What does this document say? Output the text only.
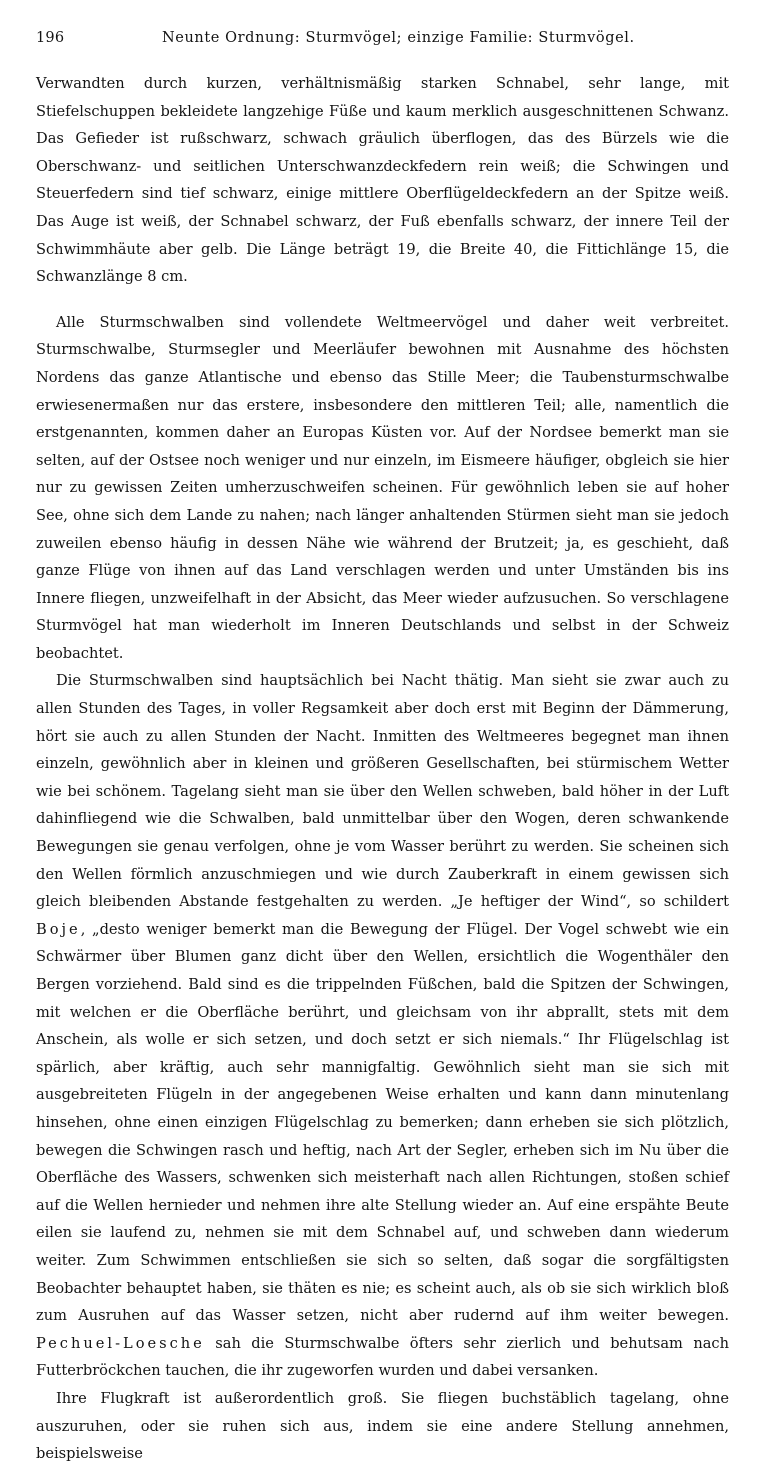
196	Neunte Ordnung: Sturmvögel; einzige Familie: Sturmvögel.

Verwandten durch kurzen, verhältnismäßig starken Schnabel, sehr lange, mit Stiefelschuppen bekleidete langzehige Füße und kaum merklich ausgeschnittenen Schwanz. Das Gefieder ist rußschwarz, schwach gräulich überflogen, das des Bürzels wie die Oberschwanz- und seitlichen Unterschwanzdeckfedern rein weiß; die Schwingen und Steuerfedern sind tief schwarz, einige mittlere Oberflügeldeckfedern an der Spitze weiß. Das Auge ist weiß, der Schnabel schwarz, der Fuß ebenfalls schwarz, der innere Teil der Schwimmhäute aber gelb. Die Länge beträgt 19, die Breite 40, die Fittichlänge 15, die Schwanzlänge 8 cm.

Alle Sturmschwalben sind vollendete Weltmeervögel und daher weit verbreitet. Sturmschwalbe, Sturmsegler und Meerläufer bewohnen mit Ausnahme des höchsten Nordens das ganze Atlantische und ebenso das Stille Meer; die Taubensturmschwalbe erwiesenermaßen nur das erstere, insbesondere den mittleren Teil; alle, namentlich die erstgenannten, kommen daher an Europas Küsten vor. Auf der Nordsee bemerkt man sie selten, auf der Ostsee noch weniger und nur einzeln, im Eismeere häufiger, obgleich sie hier nur zu gewissen Zeiten umherzuschweifen scheinen. Für gewöhnlich leben sie auf hoher See, ohne sich dem Lande zu nahen; nach länger anhaltenden Stürmen sieht man sie jedoch zuweilen ebenso häufig in dessen Nähe wie während der Brutzeit; ja, es geschieht, daß ganze Flüge von ihnen auf das Land verschlagen werden und unter Umständen bis ins Innere fliegen, unzweifelhaft in der Absicht, das Meer wieder aufzusuchen. So verschlagene Sturmvögel hat man wiederholt im Inneren Deutschlands und selbst in der Schweiz beobachtet.

Die Sturmschwalben sind hauptsächlich bei Nacht thätig. Man sieht sie zwar auch zu allen Stunden des Tages, in voller Regsamkeit aber doch erst mit Beginn der Dämmerung, hört sie auch zu allen Stunden der Nacht. Inmitten des Weltmeeres begegnet man ihnen einzeln, gewöhnlich aber in kleinen und größeren Gesellschaften, bei stürmischem Wetter wie bei schönem. Tagelang sieht man sie über den Wellen schweben, bald höher in der Luft dahinfliegend wie die Schwalben, bald unmittelbar über den Wogen, deren schwankende Bewegungen sie genau verfolgen, ohne je vom Wasser berührt zu werden. Sie scheinen sich den Wellen förmlich anzuschmiegen und wie durch Zauberkraft in einem gewissen sich gleich bleibenden Abstande festgehalten zu werden. „Je heftiger der Wind“, so schildert Boje, „desto weniger bemerkt man die Bewegung der Flügel. Der Vogel schwebt wie ein Schwärmer über Blumen ganz dicht über den Wellen, ersichtlich die Wogenthäler den Bergen vorziehend. Bald sind es die trippelnden Füßchen, bald die Spitzen der Schwingen, mit welchen er die Oberfläche berührt, und gleichsam von ihr abprallt, stets mit dem Anschein, als wolle er sich setzen, und doch setzt er sich niemals.“ Ihr Flügelschlag ist spärlich, aber kräftig, auch sehr mannigfaltig. Gewöhnlich sieht man sie sich mit ausgebreiteten Flügeln in der angegebenen Weise erhalten und kann dann minutenlang hinsehen, ohne einen einzigen Flügelschlag zu bemerken; dann erheben sie sich plötzlich, bewegen die Schwingen rasch und heftig, nach Art der Segler, erheben sich im Nu über die Oberfläche des Wassers, schwenken sich meisterhaft nach allen Richtungen, stoßen schief auf die Wellen hernieder und nehmen ihre alte Stellung wieder an. Auf eine erspähte Beute eilen sie laufend zu, nehmen sie mit dem Schnabel auf, und schweben dann wiederum weiter. Zum Schwimmen entschließen sie sich so selten, daß sogar die sorgfältigsten Beobachter behauptet haben, sie thäten es nie; es scheint auch, als ob sie sich wirklich bloß zum Ausruhen auf das Wasser setzen, nicht aber rudernd auf ihm weiter bewegen. Pechuel-Loesche sah die Sturmschwalbe öfters sehr zierlich und behutsam nach Futterbröckchen tauchen, die ihr zugeworfen wurden und dabei versanken.

Ihre Flugkraft ist außerordentlich groß. Sie fliegen buchstäblich tagelang, ohne auszuruhen, oder sie ruhen sich aus, indem sie eine andere Stellung annehmen, beispielsweise
